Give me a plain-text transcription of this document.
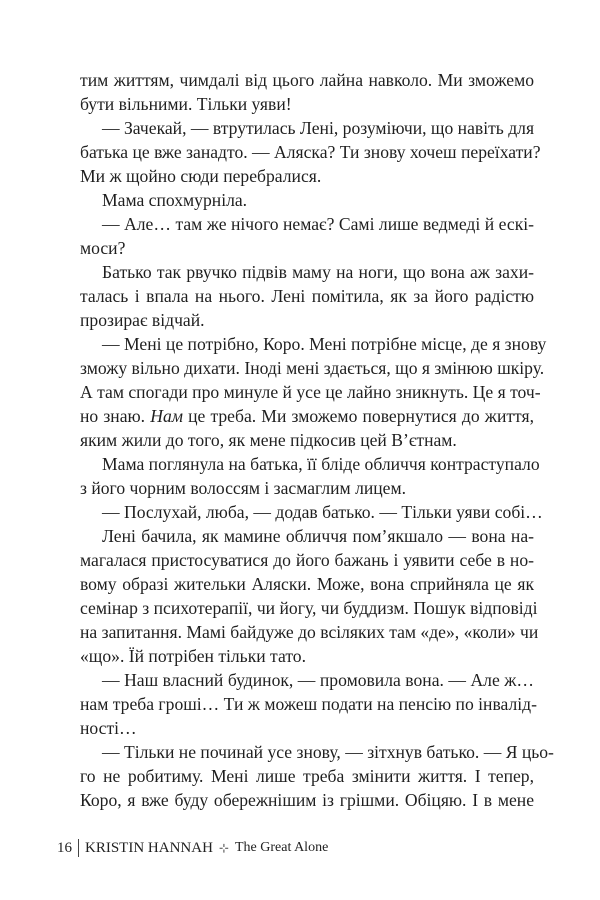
тим життям, чимдалі від цього лайна навколо. Ми зможемо
бути вільними. Тільки уяви!
— Зачекай, — втрутилась Лені, розуміючи, що навіть для
батька це вже занадто. — Аляска? Ти знову хочеш переїхати?
Ми ж щойно сюди перебралися.
Мама спохмурніла.
— Але… там же нічого немає? Самі лише ведмеді й ескі-
моси?
Батько так рвучко підвів маму на ноги, що вона аж захи-
талась і впала на нього. Лені помітила, як за його радістю
прозирає відчай.
— Мені це потрібно, Коро. Мені потрібне місце, де я знову
зможу вільно дихати. Іноді мені здається, що я змінюю шкіру.
А там спогади про минуле й усе це лайно зникнуть. Це я точ-
но знаю. Нам це треба. Ми зможемо повернутися до життя,
яким жили до того, як мене підкосив цей В’єтнам.
Мама поглянула на батька, її бліде обличчя контраступало
з його чорним волоссям і засмаглим лицем.
— Послухай, люба, — додав батько. — Тільки уяви собі…
Лені бачила, як мамине обличчя пом’якшало — вона на-
магалася пристосуватися до його бажань і уявити себе в но-
вому образі жительки Аляски. Може, вона сприйняла це як
семінар з психотерапії, чи йогу, чи буддизм. Пошук відповіді
на запитання. Мамі байдуже до всіляких там «де», «коли» чи
«що». Їй потрібен тільки тато.
— Наш власний будинок, — промовила вона. — Але ж…
нам треба гроші… Ти ж можеш подати на пенсію по інвалід-
ності…
— Тільки не починай усе знову, — зітхнув батько. — Я цьо-
го не робитиму. Мені лише треба змінити життя. І тепер,
Коро, я вже буду обережнішим із грішми. Обіцяю. І в мене
16 KRISTIN HANNAH ⊹ The Great Alone
